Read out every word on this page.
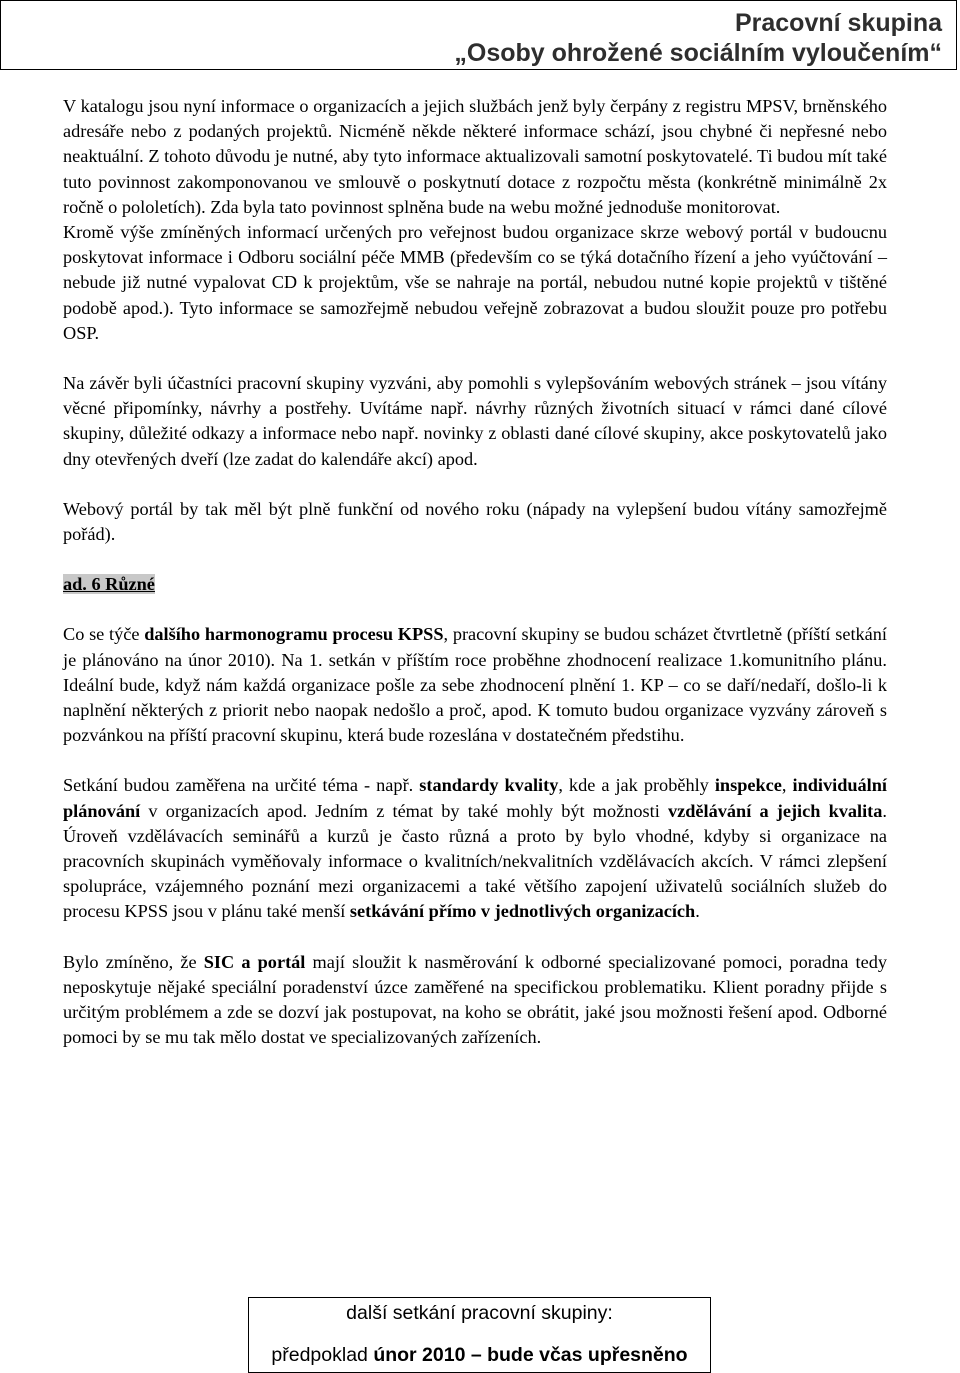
Pracovní skupina
„Osoby ohrožené sociálním vyloučením“

V katalogu jsou nyní informace o organizacích a jejich službách jenž byly čerpány z registru MPSV, brněnského adresáře nebo z podaných projektů. Nicméně někde některé informace schází, jsou chybné či nepřesné nebo neaktuální. Z tohoto důvodu je nutné, aby tyto informace aktualizovali samotní poskytovatelé. Ti budou mít také tuto povinnost zakomponovanou ve smlouvě o poskytnutí dotace z rozpočtu města (konkrétně minimálně 2x ročně o pololetích). Zda byla tato povinnost splněna bude na webu možné jednoduše monitorovat.

Kromě výše zmíněných informací určených pro veřejnost budou organizace skrze webový portál v budoucnu poskytovat informace i Odboru sociální péče MMB (především co se týká dotačního řízení a jeho vyúčtování – nebude již nutné vypalovat CD k projektům, vše se nahraje na portál, nebudou nutné kopie projektů v tištěné podobě apod.). Tyto informace se samozřejmě nebudou veřejně zobrazovat a budou sloužit pouze pro potřebu OSP.

Na závěr byli účastníci pracovní skupiny vyzváni, aby pomohli s vylepšováním webových stránek – jsou vítány věcné připomínky, návrhy a postřehy. Uvítáme např. návrhy různých životních situací v rámci dané cílové skupiny, důležité odkazy a informace nebo např. novinky z oblasti dané cílové skupiny, akce poskytovatelů jako dny otevřených dveří (lze zadat do kalendáře akcí) apod.

Webový portál by tak měl být plně funkční od nového roku (nápady na vylepšení budou vítány samozřejmě pořád).

ad. 6 Různé

Co se týče dalšího harmonogramu procesu KPSS, pracovní skupiny se budou scházet čtvrtletně (příští setkání je plánováno na únor 2010). Na 1. setkán v příštím roce proběhne zhodnocení realizace 1.komunitního plánu. Ideální bude, když nám každá organizace pošle za sebe zhodnocení plnění 1. KP – co se daří/nedaří, došlo-li k naplnění některých z priorit nebo naopak nedošlo a proč, apod. K tomuto budou organizace vyzvány zároveň s pozvánkou na příští pracovní skupinu, která bude rozeslána v dostatečném předstihu.

Setkání budou zaměřena na určité téma - např. standardy kvality, kde a jak proběhly inspekce, individuální plánování v organizacích apod. Jedním z témat by také mohly být možnosti vzdělávání a jejich kvalita. Úroveň vzdělávacích seminářů a kurzů je často různá a proto by bylo vhodné, kdyby si organizace na pracovních skupinách vyměňovaly informace o kvalitních/nekvalitních vzdělávacích akcích. V rámci zlepšení spolupráce, vzájemného poznání mezi organizacemi a také většího zapojení uživatelů sociálních služeb do procesu KPSS jsou v plánu také menší setkávání přímo v jednotlivých organizacích.

Bylo zmíněno, že SIC a portál mají sloužit k nasměrování k odborné specializované pomoci, poradna tedy neposkytuje nějaké speciální poradenství úzce zaměřené na specifickou problematiku. Klient poradny přijde s určitým problémem a zde se dozví jak postupovat, na koho se obrátit, jaké jsou možnosti řešení apod. Odborné pomoci by se mu tak mělo dostat ve specializovaných zařízeních.

další setkání pracovní skupiny:
předpoklad únor 2010 – bude včas upřesněno
